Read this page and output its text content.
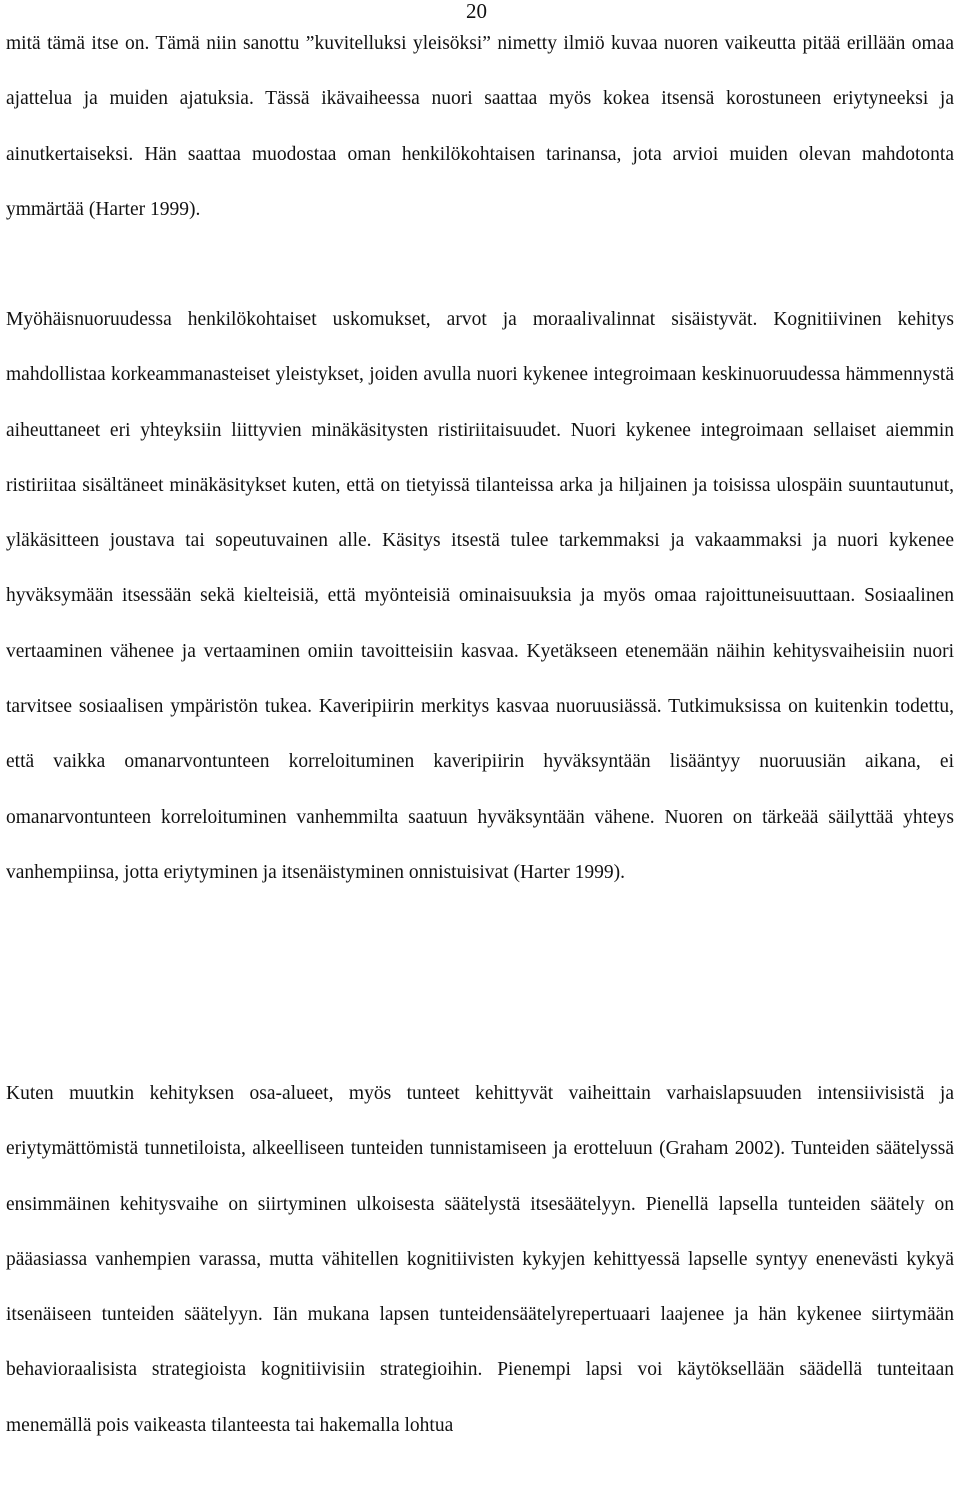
20

mitä tämä itse on. Tämä niin sanottu ”kuvitelluksi yleisöksi” nimetty ilmiö kuvaa nuoren vaikeutta pitää erillään omaa ajattelua ja muiden ajatuksia. Tässä ikävaiheessa nuori saattaa myös kokea itsensä korostuneen eriytyneeksi ja ainutkertaiseksi. Hän saattaa muodostaa oman henkilökohtaisen tarinansa, jota arvioi muiden olevan mahdotonta ymmärtää (Harter 1999).

Myöhäisnuoruudessa henkilökohtaiset uskomukset, arvot ja moraalivalinnat sisäistyvät. Kognitiivinen kehitys mahdollistaa korkeammanasteiset yleistykset, joiden avulla nuori kykenee integroimaan keskinuoruudessa hämmennystä aiheuttaneet eri yhteyksiin liittyvien minäkäsitysten ristiriitaisuudet. Nuori kykenee integroimaan sellaiset aiemmin ristiriitaa sisältäneet minäkäsitykset kuten, että on tietyissä tilanteissa arka ja hiljainen ja toisissa ulospäin suuntautunut, yläkäsitteen joustava tai sopeutuvainen alle. Käsitys itsestä tulee tarkemmaksi ja vakaammaksi ja nuori kykenee hyväksymään itsessään sekä kielteisiä, että myönteisiä ominaisuuksia ja myös omaa rajoittuneisuuttaan. Sosiaalinen vertaaminen vähenee ja vertaaminen omiin tavoitteisiin kasvaa. Kyetäkseen etenemään näihin kehitysvaiheisiin nuori tarvitsee sosiaalisen ympäristön tukea. Kaveripiirin merkitys kasvaa nuoruusiässä. Tutkimuksissa on kuitenkin todettu, että vaikka omanarvontunteen korreloituminen kaveripiirin hyväksyntään lisääntyy nuoruusiän aikana, ei omanarvontunteen korreloituminen vanhemmilta saatuun hyväksyntään vähene. Nuoren on tärkeää säilyttää yhteys vanhempiinsa, jotta eriytyminen ja itsenäistyminen onnistuisivat (Harter 1999).

Kuten muutkin kehityksen osa-alueet, myös tunteet kehittyvät vaiheittain varhaislapsuuden intensiivisistä ja eriytymättömistä tunnetiloista, alkeelliseen tunteiden tunnistamiseen ja erotteluun (Graham 2002). Tunteiden säätelyssä ensimmäinen kehitysvaihe on siirtyminen ulkoisesta säätelystä itsesäätelyyn. Pienellä lapsella tunteiden säätely on pääasiassa vanhempien varassa, mutta vähitellen kognitiivisten kykyjen kehittyessä lapselle syntyy enenevästi kykyä itsenäiseen tunteiden säätelyyn. Iän mukana lapsen tunteidensäätelyrepertuaari laajenee ja hän kykenee siirtymään behavioraalisista strategioista kognitiivisiin strategioihin. Pienempi lapsi voi käytöksellään säädellä tunteitaan menemällä pois vaikeasta tilanteesta tai hakemalla lohtua
